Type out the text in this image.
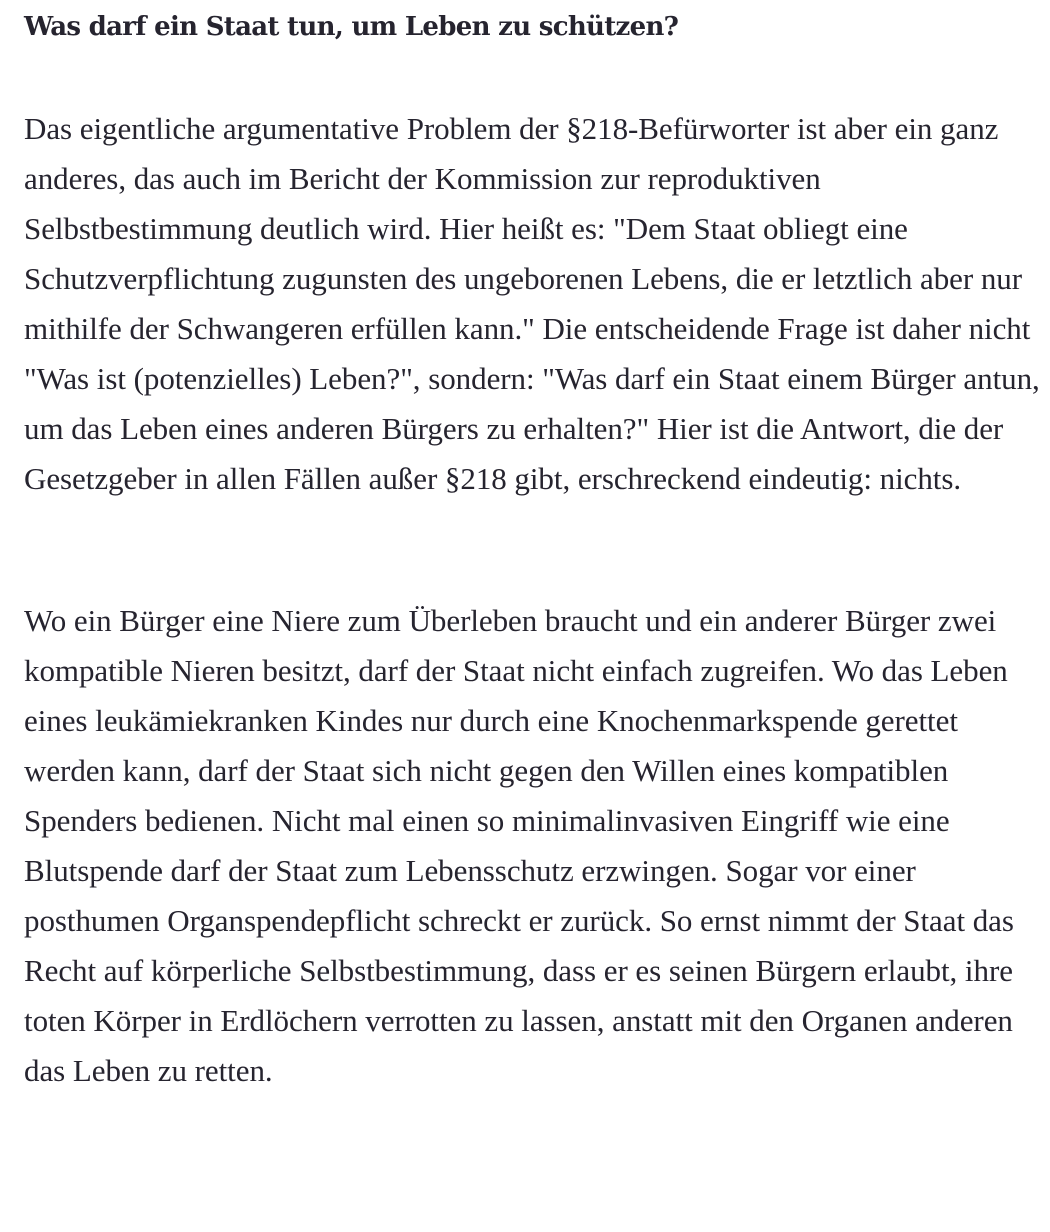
Was darf ein Staat tun, um Leben zu schützen?

Das eigentliche argumentative Problem der §218-Befürworter ist aber ein ganz anderes, das auch im Bericht der Kommission zur reproduktiven Selbstbestimmung deutlich wird. Hier heißt es: "Dem Staat obliegt eine Schutzverpflichtung zugunsten des ungeborenen Lebens, die er letztlich aber nur mithilfe der Schwangeren erfüllen kann." Die entscheidende Frage ist daher nicht "Was ist (potenzielles) Leben?", sondern: "Was darf ein Staat einem Bürger antun, um das Leben eines anderen Bürgers zu erhalten?" Hier ist die Antwort, die der Gesetzgeber in allen Fällen außer §218 gibt, erschreckend eindeutig: nichts.

Wo ein Bürger eine Niere zum Überleben braucht und ein anderer Bürger zwei kompatible Nieren besitzt, darf der Staat nicht einfach zugreifen. Wo das Leben eines leukämiekranken Kindes nur durch eine Knochenmarkspende gerettet werden kann, darf der Staat sich nicht gegen den Willen eines kompatiblen Spenders bedienen. Nicht mal einen so minimalinvasiven Eingriff wie eine Blutspende darf der Staat zum Lebensschutz erzwingen. Sogar vor einer posthumen Organspendepflicht schreckt er zurück. So ernst nimmt der Staat das Recht auf körperliche Selbstbestimmung, dass er es seinen Bürgern erlaubt, ihre toten Körper in Erdlöchern verrotten zu lassen, anstatt mit den Organen anderen das Leben zu retten.
